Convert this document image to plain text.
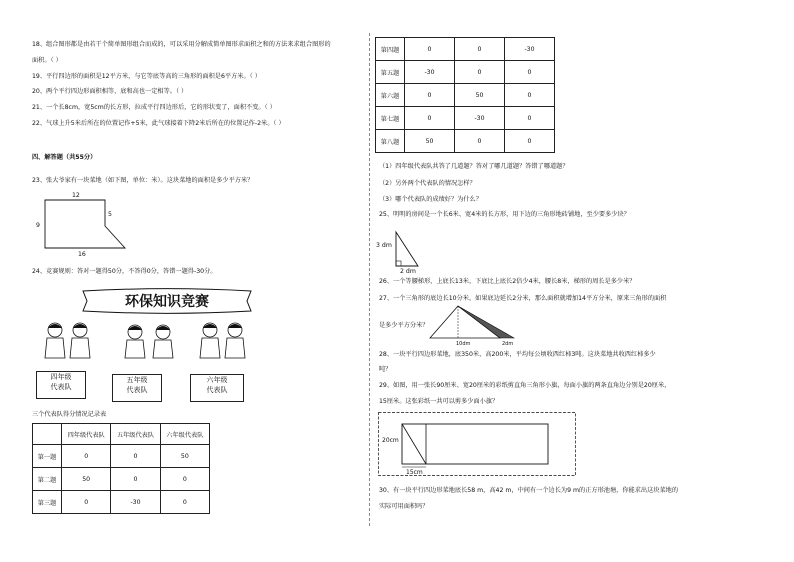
18、组合图形都是由若干个简单图形组合而成的，可以采用分解成简单图形求面积之和的方法来求组合图形的
面积。（ ）
19、平行四边形的面积是12平方米，与它等底等高的三角形的面积是6平方米。（ ）
20、两个平行四边形面积相等，底和高也一定相等。（ ）
21、一个长8cm，宽5cm的长方形，拉成平行四边形后，它的形状变了，面积不变。（ ）
22、气球上升5米后所在的位置记作+5米，此气球接着下降2米后所在的位置记作-2米。（ ）
四、解答题（共55分）
23、张大爷家有一块菜地（如下图，单位：米）。这块菜地的面积是多少平方米？
12
5
9
16
24、竞赛规则：答对一题得50分，不答得0分，答错一题得-30分。
环保知识竞赛
四年级
代表队
五年级
代表队
六年级
代表队
三个代表队得分情况记录表
	四年级代表队	五年级代表队	六年级代表队
第一题	0	0	50
第二题	50	0	0
第三题	0	-30	0
第四题	0	0	-30
第五题	-30	0	0
第六题	0	50	0
第七题	0	-30	0
第八题	50	0	0
（1）四年级代表队共答了几道题？答对了哪几道题？答错了哪道题？
（2）另外两个代表队的情况怎样？
（3）哪个代表队的成绩好？为什么？
25、明明的房间是一个长6米、宽4米的长方形，用下边的三角形地砖铺地，至少要多少块？
3 dm
2 dm
26、一个等腰梯形，上底长13米，下底比上底长2倍少4米，腰长8米，梯形的周长是多少米？
27、一个三角形的底边长10分米，如果底边延长2分米，那么面积就增加14平方分米，原来三角形的面积
10dm	2dm
是多少平方分米？
28、一块平行四边形菜地，底350米，高200米，平均每公顷收西红柿3吨。这块菜地共收西红柿多少
吨？
29、如图，用一张长90厘米、宽20厘米的彩纸剪直角三角形小旗，每面小旗的两条直角边分别是20厘米，
15厘米。这张彩纸一共可以剪多少面小旗？
20cm
15cm
30、有一块平行四边形菜地底长58 m，高42 m，中间有一个边长为9 m的正方形池塘，你能求出这块菜地的
实际可用面积吗？
